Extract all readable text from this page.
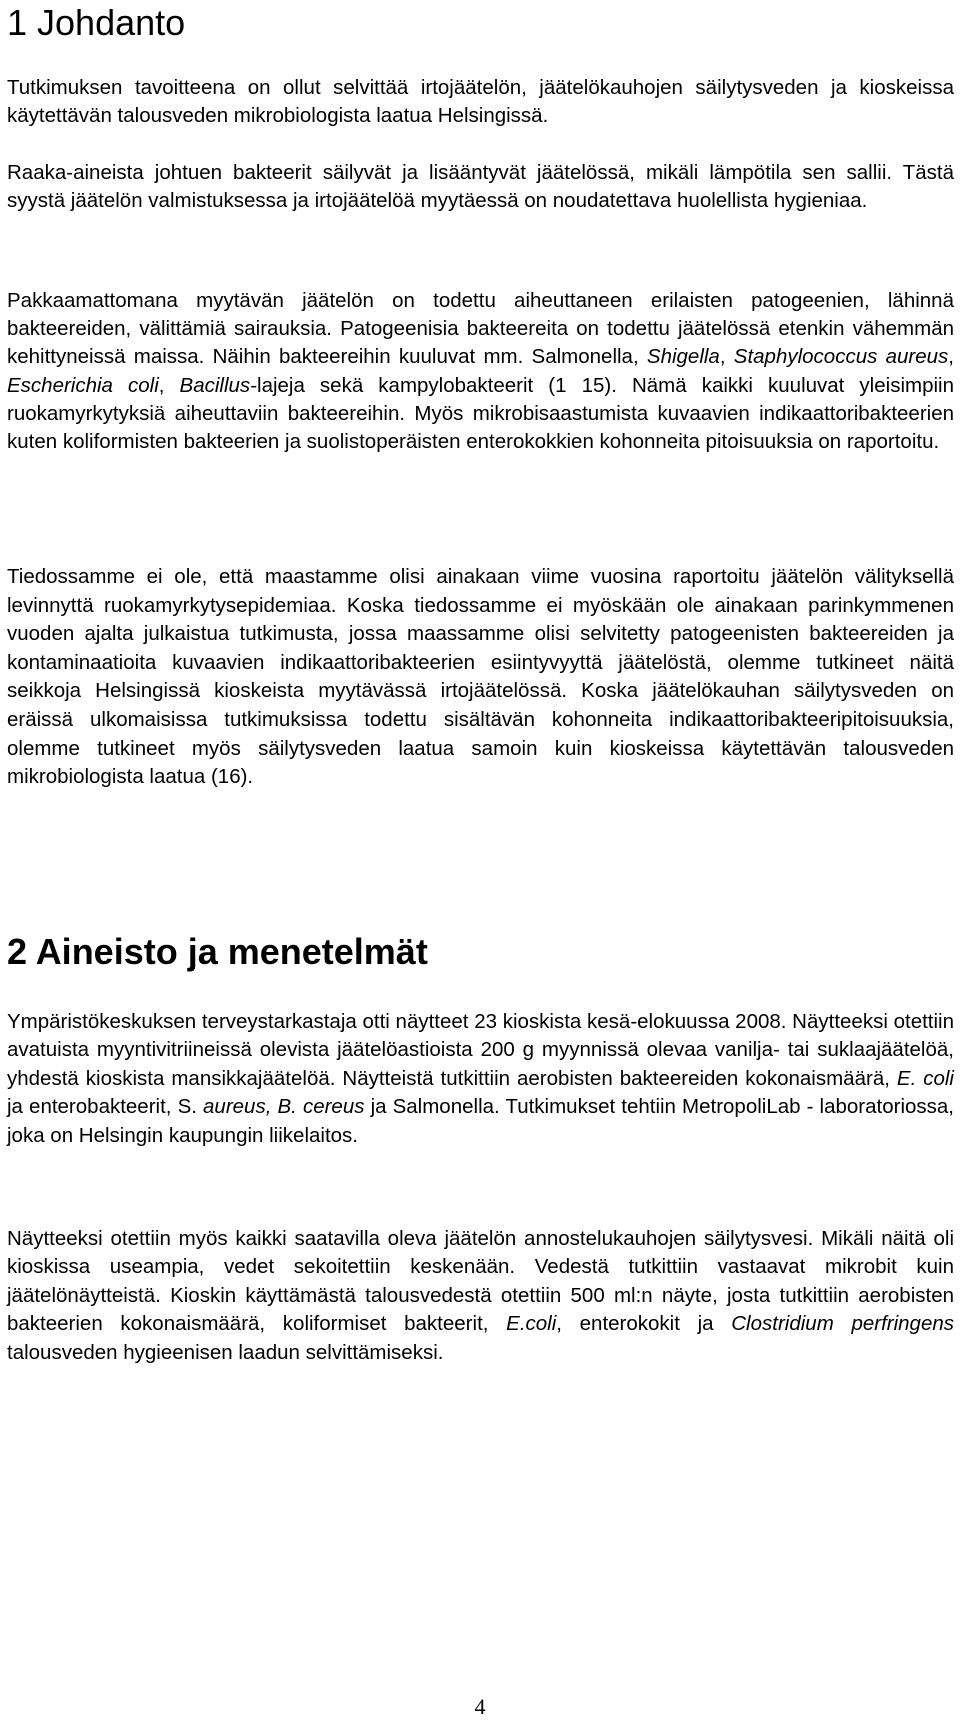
1 Johdanto

Tutkimuksen tavoitteena on ollut selvittää irtojäätelön, jäätelökauhojen säilytysveden ja kioskeissa käytettävän talousveden mikrobiologista laatua Helsingissä.

Raaka-aineista johtuen bakteerit säilyvät ja lisääntyvät jäätelössä, mikäli lämpötila sen sallii. Tästä syystä jäätelön valmistuksessa ja irtojäätelöä myytäessä on noudatettava huolellista hygieniaa.

Pakkaamattomana myytävän jäätelön on todettu aiheuttaneen erilaisten patogeenien, lähinnä bakteereiden, välittämiä sairauksia. Patogeenisia bakteereita on todettu jäätelössä etenkin vähemmän kehittyneissä maissa. Näihin bakteereihin kuuluvat mm. Salmonella, Shigella, Staphylococcus aureus, Escherichia coli, Bacillus-lajeja sekä kampylobakteerit (1 15). Nämä kaikki kuuluvat yleisimpiin ruokamyrkytyksiä aiheuttaviin bakteereihin. Myös mikrobisaastumista kuvaavien indikaattoribakteerien kuten koliformisten bakteerien ja suolistoperäisten enterokokkien kohonneita pitoisuuksia on raportoitu.

Tiedossamme ei ole, että maastamme olisi ainakaan viime vuosina raportoitu jäätelön välityksellä levinnyttä ruokamyrkytysepidemiaa. Koska tiedossamme ei myöskään ole ainakaan parinkymmenen vuoden ajalta julkaistua tutkimusta, jossa maassamme olisi selvitetty patogeenisten bakteereiden ja kontaminaatioita kuvaavien indikaattoribakteerien esiintyvyyttä jäätelöstä, olemme tutkineet näitä seikkoja Helsingissä kioskeista myytävässä irtojäätelössä. Koska jäätelökauhan säilytysveden on eräissä ulkomaisissa tutkimuksissa todettu sisältävän kohonneita indikaattoribakteeripitoisuuksia, olemme tutkineet myös säilytysveden laatua samoin kuin kioskeissa käytettävän talousveden mikrobiologista laatua (16).

2 Aineisto ja menetelmät

Ympäristökeskuksen terveystarkastaja otti näytteet 23 kioskista kesä-elokuussa 2008. Näytteeksi otettiin avatuista myyntivitriineissä olevista jäätelöastioista 200 g myynnissä olevaa vanilja- tai suklaajäätelöä, yhdestä kioskista mansikkajäätelöä. Näytteistä tutkittiin aerobisten bakteereiden kokonaismäärä, E. coli ja enterobakteerit, S. aureus, B. cereus ja Salmonella. Tutkimukset tehtiin MetropoliLab - laboratoriossa, joka on Helsingin kaupungin liikelaitos.

Näytteeksi otettiin myös kaikki saatavilla oleva jäätelön annostelukauhojen säilytysvesi. Mikäli näitä oli kioskissa useampia, vedet sekoitettiin keskenään. Vedestä tutkittiin vastaavat mikrobit kuin jäätelönäytteistä. Kioskin käyttämästä talousvedestä otettiin 500 ml:n näyte, josta tutkittiin aerobisten bakteerien kokonaismäärä, koliformiset bakteerit, E.coli, enterokokit ja Clostridium perfringens talousveden hygieenisen laadun selvittämiseksi.

4
